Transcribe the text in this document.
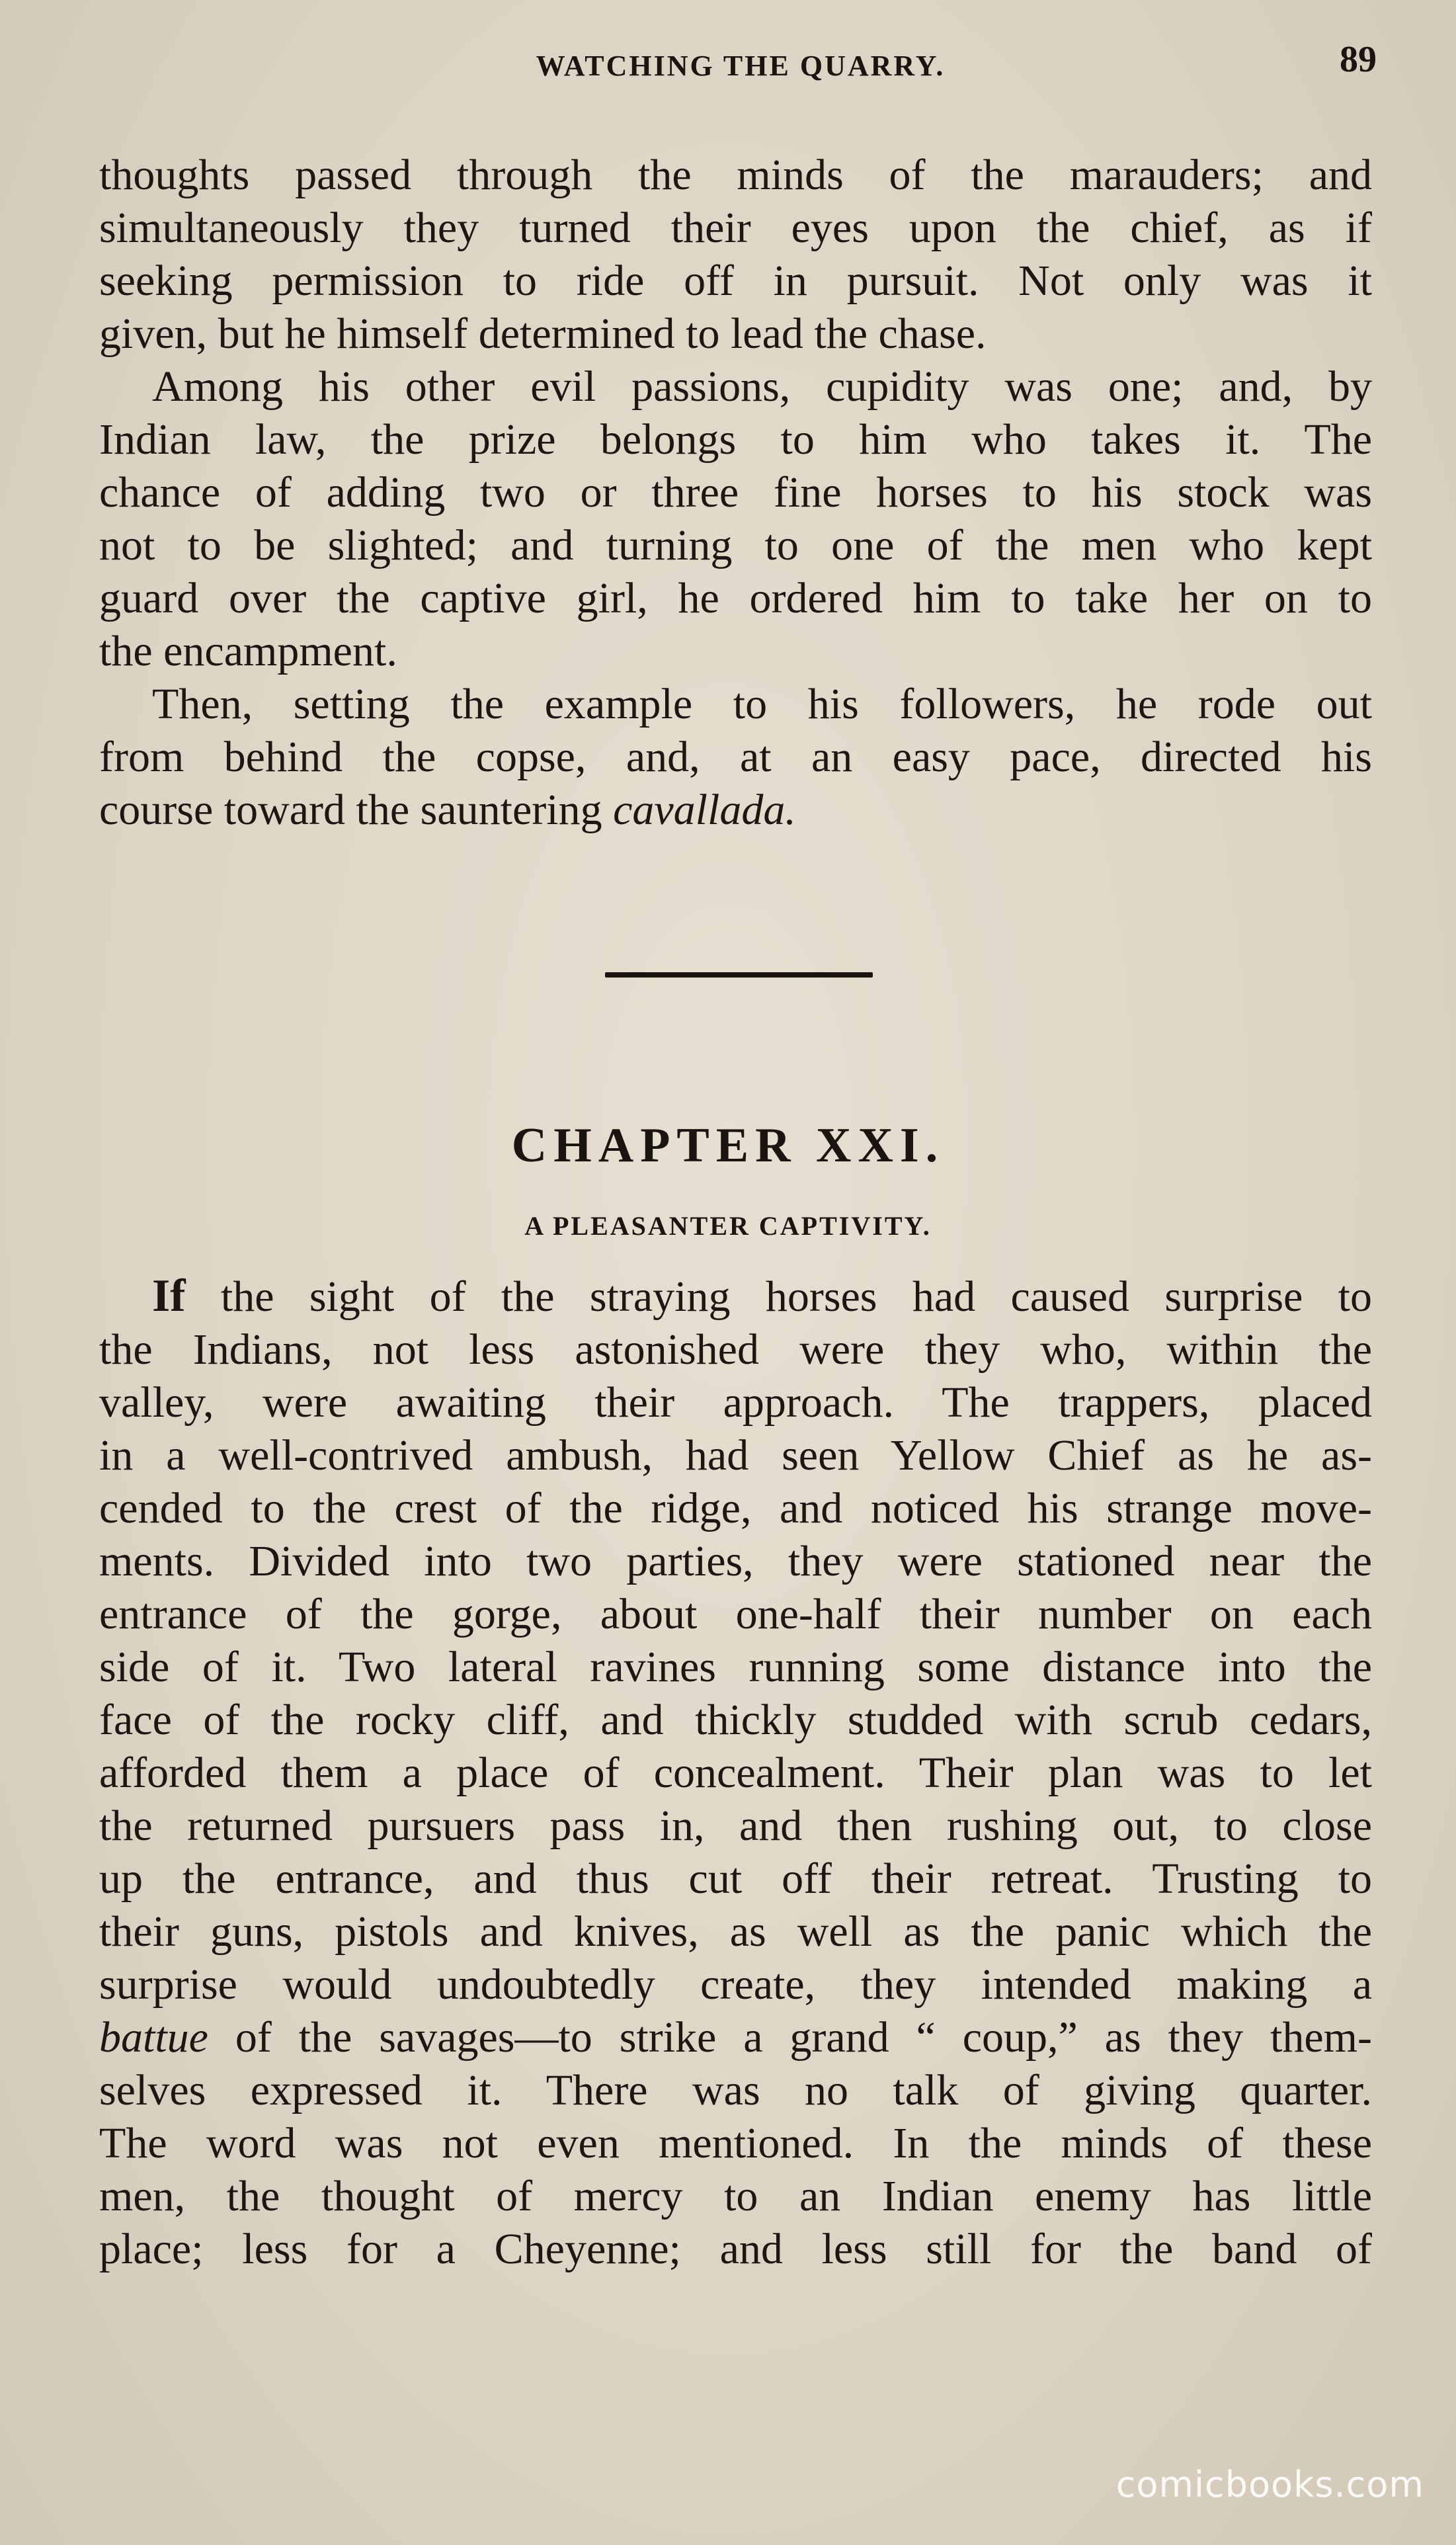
WATCHING THE QUARRY.	89
thoughts passed through the minds of the marauders; and
simultaneously they turned their eyes upon the chief, as if
seeking permission to ride off in pursuit. Not only was it
given, but he himself determined to lead the chase.
Among his other evil passions, cupidity was one; and, by
Indian law, the prize belongs to him who takes it. The
chance of adding two or three fine horses to his stock was
not to be slighted; and turning to one of the men who kept
guard over the captive girl, he ordered him to take her on to
the encampment.
Then, setting the example to his followers, he rode out
from behind the copse, and, at an easy pace, directed his
course toward the sauntering cavallada.
CHAPTER XXI.
A PLEASANTER CAPTIVITY.
If the sight of the straying horses had caused surprise to
the Indians, not less astonished were they who, within the
valley, were awaiting their approach. The trappers, placed
in a well-contrived ambush, had seen Yellow Chief as he as-
cended to the crest of the ridge, and noticed his strange move-
ments. Divided into two parties, they were stationed near the
entrance of the gorge, about one-half their number on each
side of it. Two lateral ravines running some distance into the
face of the rocky cliff, and thickly studded with scrub cedars,
afforded them a place of concealment. Their plan was to let
the returned pursuers pass in, and then rushing out, to close
up the entrance, and thus cut off their retreat. Trusting to
their guns, pistols and knives, as well as the panic which the
surprise would undoubtedly create, they intended making a
battue of the savages—to strike a grand “ coup,” as they them-
selves expressed it. There was no talk of giving quarter.
The word was not even mentioned. In the minds of these
men, the thought of mercy to an Indian enemy has little
place; less for a Cheyenne; and less still for the band of
comicbooks.com
